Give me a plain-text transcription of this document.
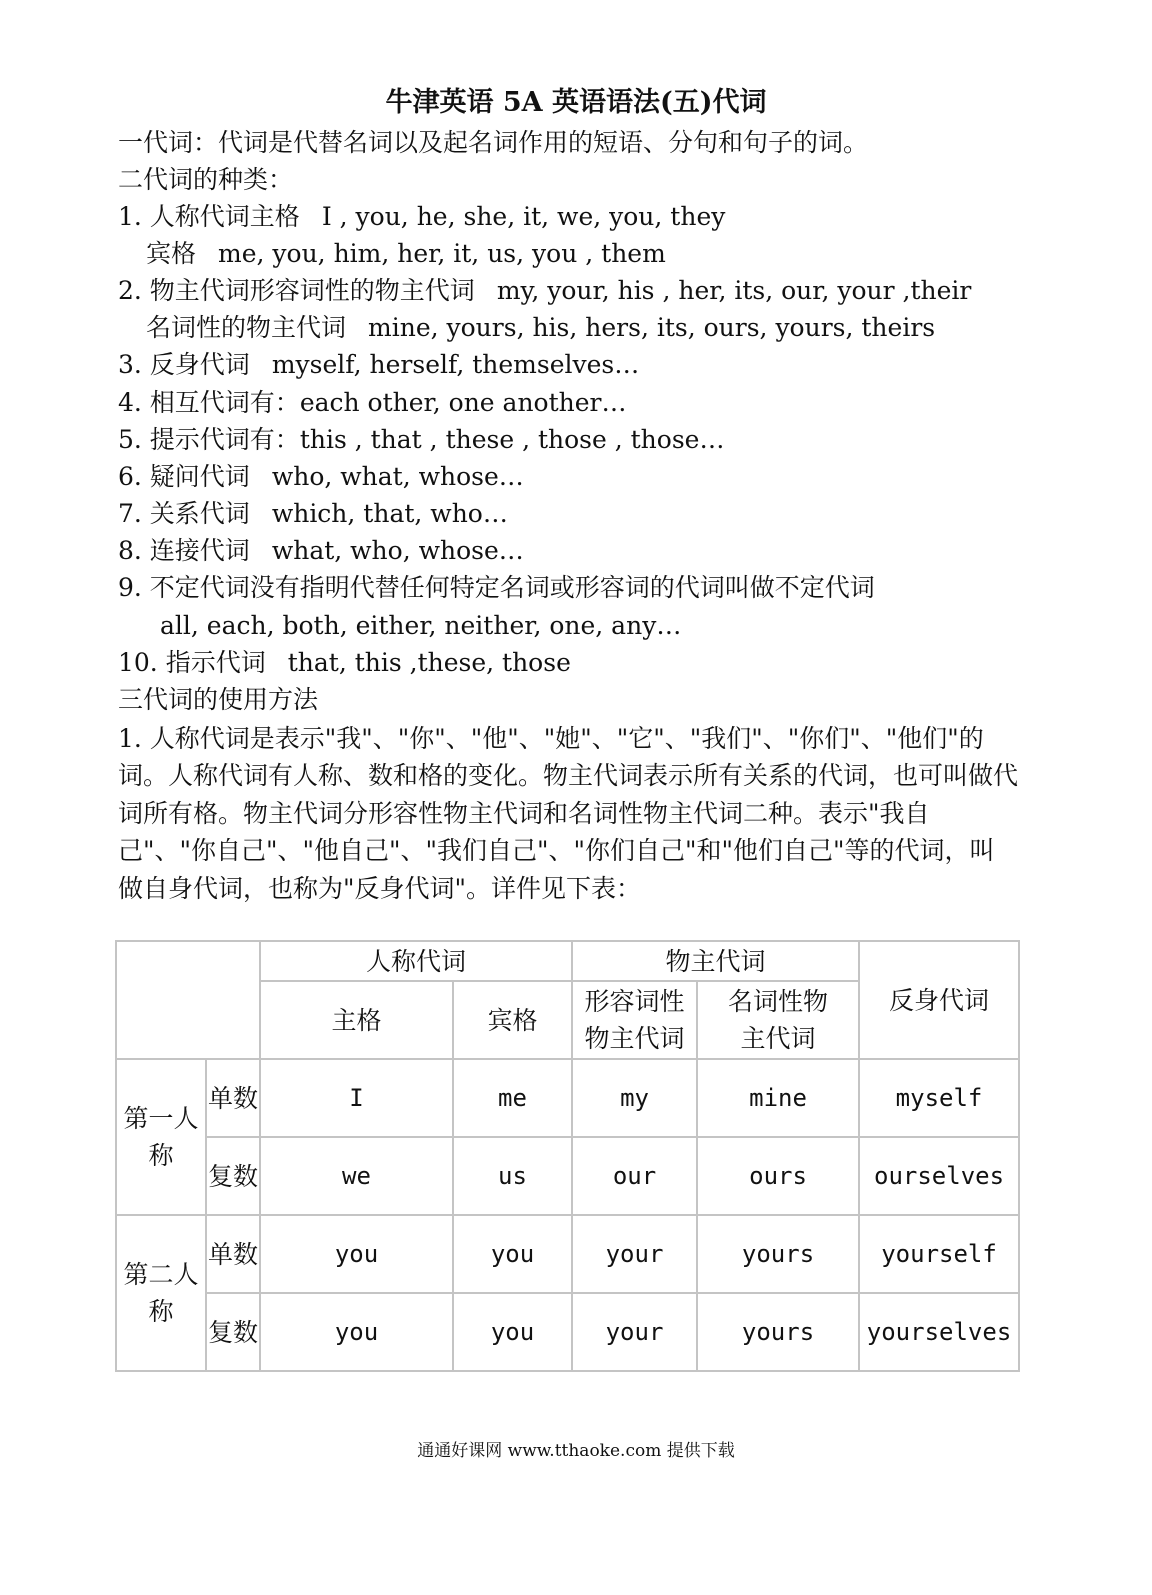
牛津英语 5A 英语语法(五)代词
一代词：代词是代替名词以及起名词作用的短语、分句和句子的词。
二代词的种类：
1. 人称代词主格 I , you, he, she, it, we, you, they
宾格 me, you, him, her, it, us, you , them
2. 物主代词形容词性的物主代词 my, your, his , her, its, our, your ,their
名词性的物主代词 mine, yours, his, hers, its, ours, yours, theirs
3. 反身代词 myself, herself, themselves…
4. 相互代词有：each other, one another…
5. 提示代词有：this , that , these , those , those…
6. 疑问代词 who, what, whose…
7. 关系代词 which, that, who…
8. 连接代词 what, who, whose…
9. 不定代词没有指明代替任何特定名词或形容词的代词叫做不定代词
all, each, both, either, neither, one, any…
10. 指示代词 that, this ,these, those
三代词的使用方法
1. 人称代词是表示"我"、"你"、"他"、"她"、"它"、"我们"、"你们"、"他们"的词。人称代词有人称、数和格的变化。物主代词表示所有关系的代词，也可叫做代词所有格。物主代词分形容性物主代词和名词性物主代词二种。表示"我自己"、"你自己"、"他自己"、"我们自己"、"你们自己"和"他们自己"等的代词，叫做自身代词，也称为"反身代词"。详件见下表：
		人称代词		物主代词		反身代词
		主格	宾格	形容词性物主代词	名词性物主代词	
第一人称	单数	I	me	my	mine	myself
	复数	we	us	our	ours	ourselves
第二人称	单数	you	you	your	yours	yourself
	复数	you	you	your	yours	yourselves
通通好课网 www.tthaoke.com 提供下载
